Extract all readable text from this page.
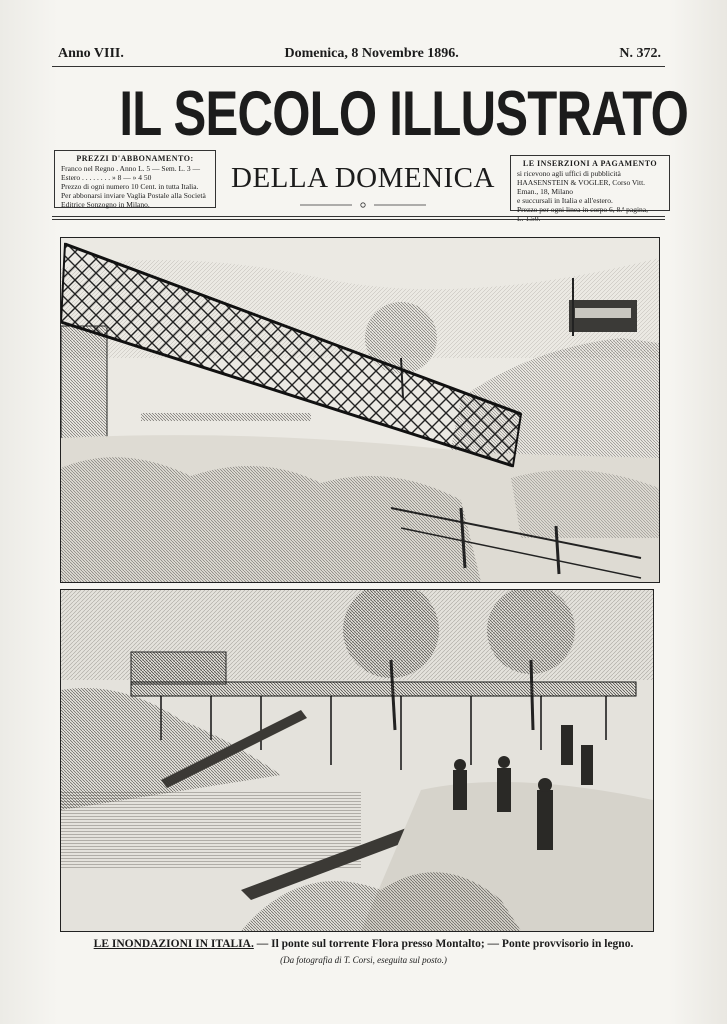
Anno VIII.	Domenica, 8 Novembre 1896.	N. 372.
IL SECOLO ILLUSTRATO
PREZZI D'ABBONAMENTO:

Franco nel Regno . Anno L. 5 — Sem. L. 3 —

Estero . . . . . . . . » 8 — » 4 50

Prezzo di ogni numero 10 Cent. in tutta Italia.

Per abbonarsi inviare Vaglia Postale alla Società

Editrice Sonzogno in Milano.

DELLA DOMENICA	LE INSERZIONI A PAGAMENTO

si ricevono agli uffici di pubblicità

HAASENSTEIN & VOGLER, Corso Vitt. Eman., 18, Milano

e succursali in Italia e all'estero.

Prezzo per ogni linea in corpo 6, 8.ª pagina,

LE INONDAZIONI IN ITALIA. — Il ponte sul torrente Flora presso Montalto; — Ponte provvisorio in legno.
(Da fotografia di T. Corsi, eseguita sul posto.)
